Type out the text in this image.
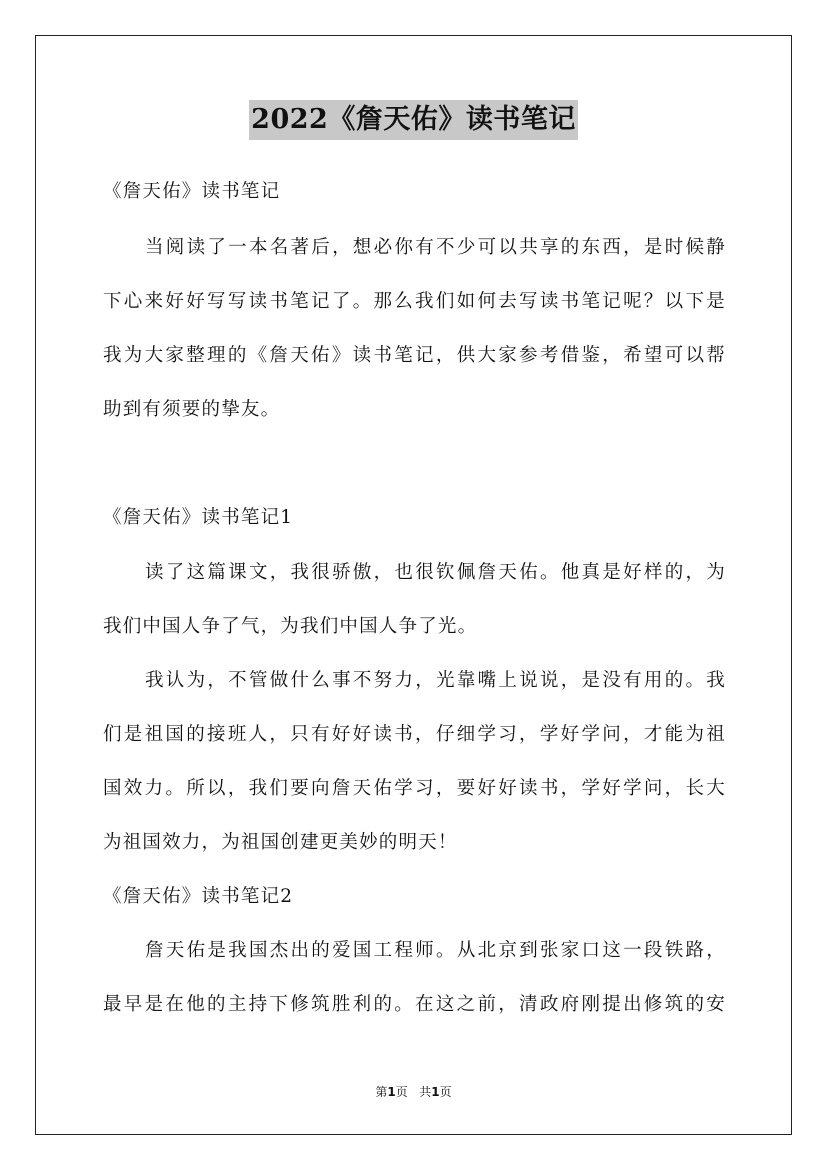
2022《詹天佑》读书笔记
《詹天佑》读书笔记
当阅读了一本名著后，想必你有不少可以共享的东西，是时候静
下心来好好写写读书笔记了。那么我们如何去写读书笔记呢？以下是
我为大家整理的《詹天佑》读书笔记，供大家参考借鉴，希望可以帮
助到有须要的挚友。
《詹天佑》读书笔记1
读了这篇课文，我很骄傲，也很钦佩詹天佑。他真是好样的，为
我们中国人争了气，为我们中国人争了光。
我认为，不管做什么事不努力，光靠嘴上说说，是没有用的。我
们是祖国的接班人，只有好好读书，仔细学习，学好学问，才能为祖
国效力。所以，我们要向詹天佑学习，要好好读书，学好学问，长大
为祖国效力，为祖国创建更美妙的明天！
《詹天佑》读书笔记2
詹天佑是我国杰出的爱国工程师。从北京到张家口这一段铁路，
最早是在他的主持下修筑胜利的。在这之前，清政府刚提出修筑的安
第1页   共1页
